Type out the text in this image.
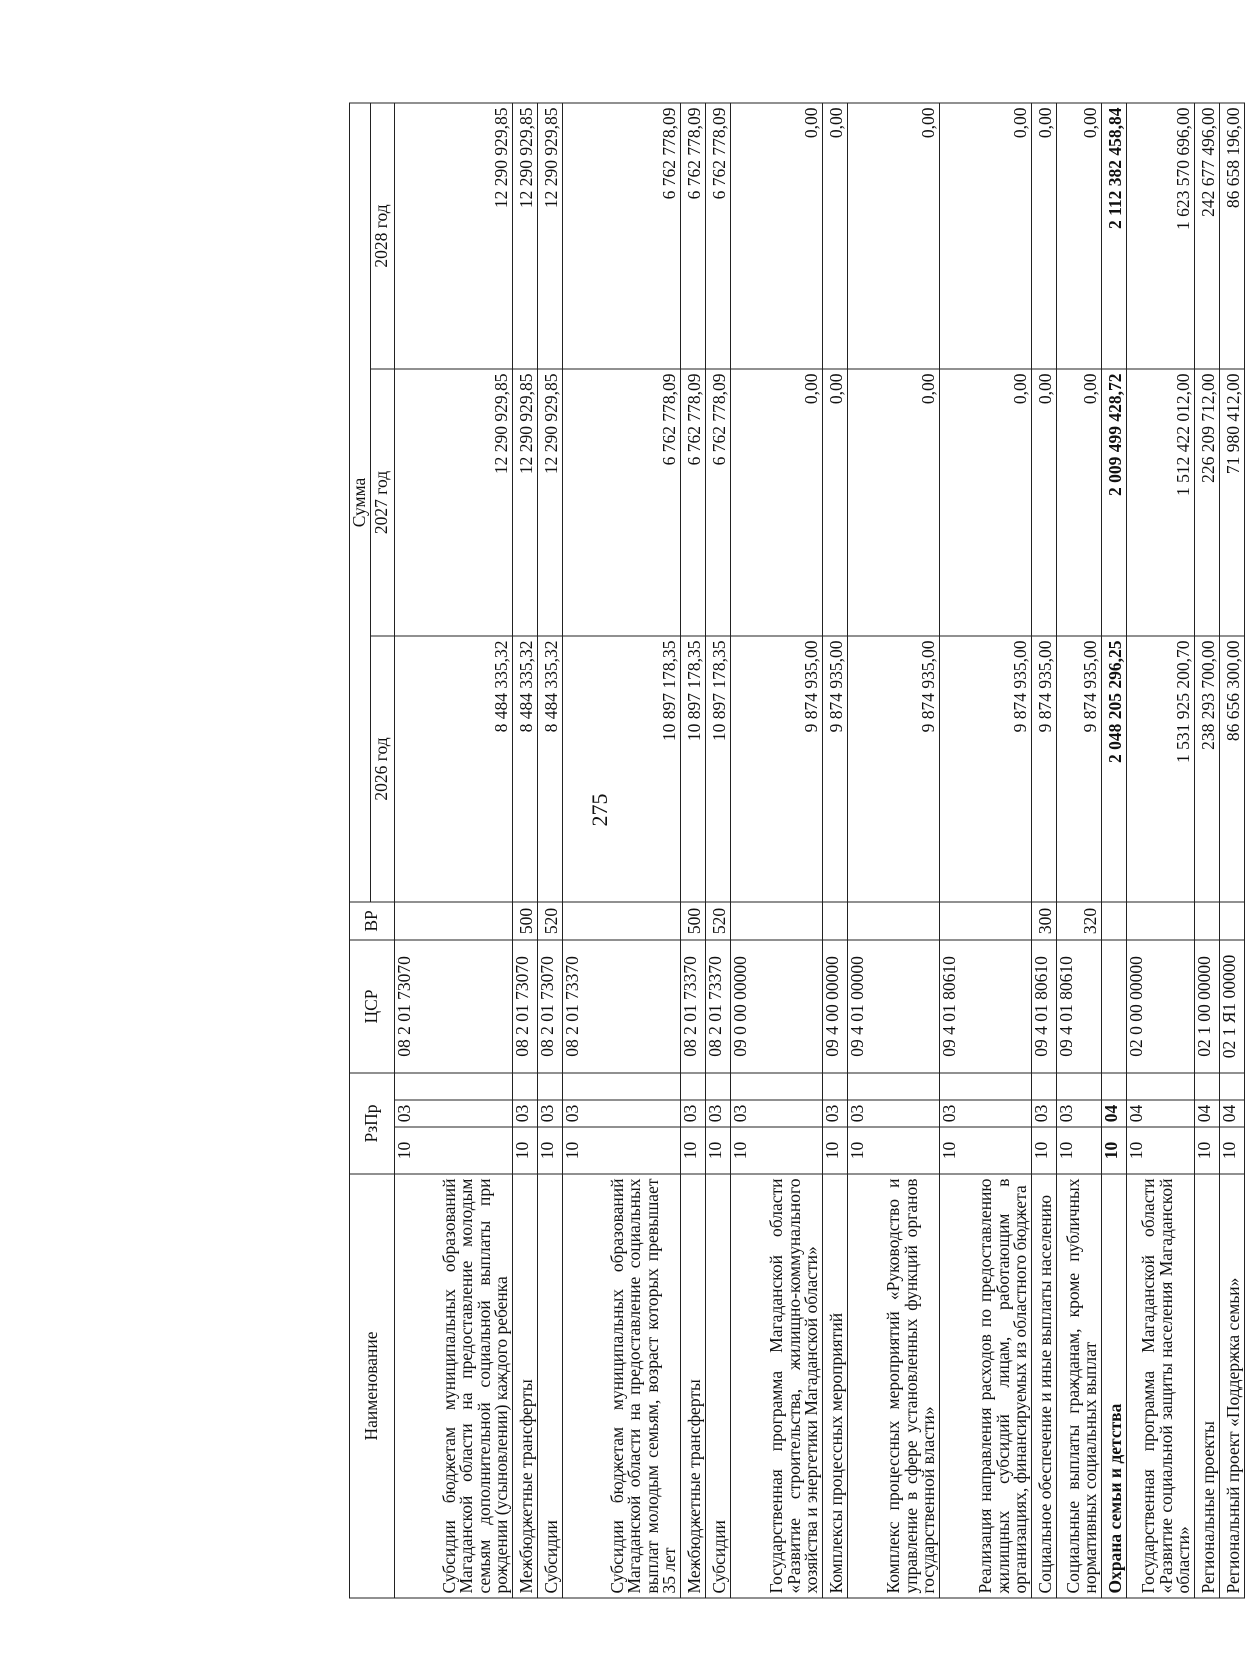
275
Наименование	РзПр			ЦСР	ВР	Сумма		
						2026 год	2027 год	2028 год
Субсидии бюджетам муниципальных образований Магаданской области на предоставление молодым семьям дополнительной социальной выплаты при рождении (усыновлении) каждого ребенка	10	03		08 2 01 73070		8 484 335,32	12 290 929,85	12 290 929,85
Межбюджетные трансферты	10	03		08 2 01 73070	500	8 484 335,32	12 290 929,85	12 290 929,85
Субсидии	10	03		08 2 01 73070	520	8 484 335,32	12 290 929,85	12 290 929,85
Субсидии бюджетам муниципальных образований Магаданской области на предоставление социальных выплат молодым семьям, возраст которых превышает 35 лет	10	03		08 2 01 73370		10 897 178,35	6 762 778,09	6 762 778,09
Межбюджетные трансферты	10	03		08 2 01 73370	500	10 897 178,35	6 762 778,09	6 762 778,09
Субсидии	10	03		08 2 01 73370	520	10 897 178,35	6 762 778,09	6 762 778,09
Государственная программа Магаданской области «Развитие строительства, жилищно-коммунального хозяйства и энергетики Магаданской области»	10	03		09 0 00 00000		9 874 935,00	0,00	0,00
Комплексы процессных мероприятий	10	03		09 4 00 00000		9 874 935,00	0,00	0,00
Комплекс процессных мероприятий «Руководство и управление в сфере установленных функций органов государственной власти»	10	03		09 4 01 00000		9 874 935,00	0,00	0,00
Реализация направления расходов по предоставлению жилищных субсидий лицам, работающим в организациях, финансируемых из областного бюджета	10	03		09 4 01 80610		9 874 935,00	0,00	0,00
Социальное обеспечение и иные выплаты населению	10	03		09 4 01 80610	300	9 874 935,00	0,00	0,00
Социальные выплаты гражданам, кроме публичных нормативных социальных выплат	10	03		09 4 01 80610	320	9 874 935,00	0,00	0,00
Охрана семьи и детства	10	04				2 048 205 296,25	2 009 499 428,72	2 112 382 458,84
Государственная программа Магаданской области «Развитие социальной защиты населения Магаданской области»	10	04		02 0 00 00000		1 531 925 200,70	1 512 422 012,00	1 623 570 696,00
Региональные проекты	10	04		02 1 00 00000		238 293 700,00	226 209 712,00	242 677 496,00
Региональный проект «Поддержка семьи»	10	04		02 1 Я1 00000		86 656 300,00	71 980 412,00	86 658 196,00
